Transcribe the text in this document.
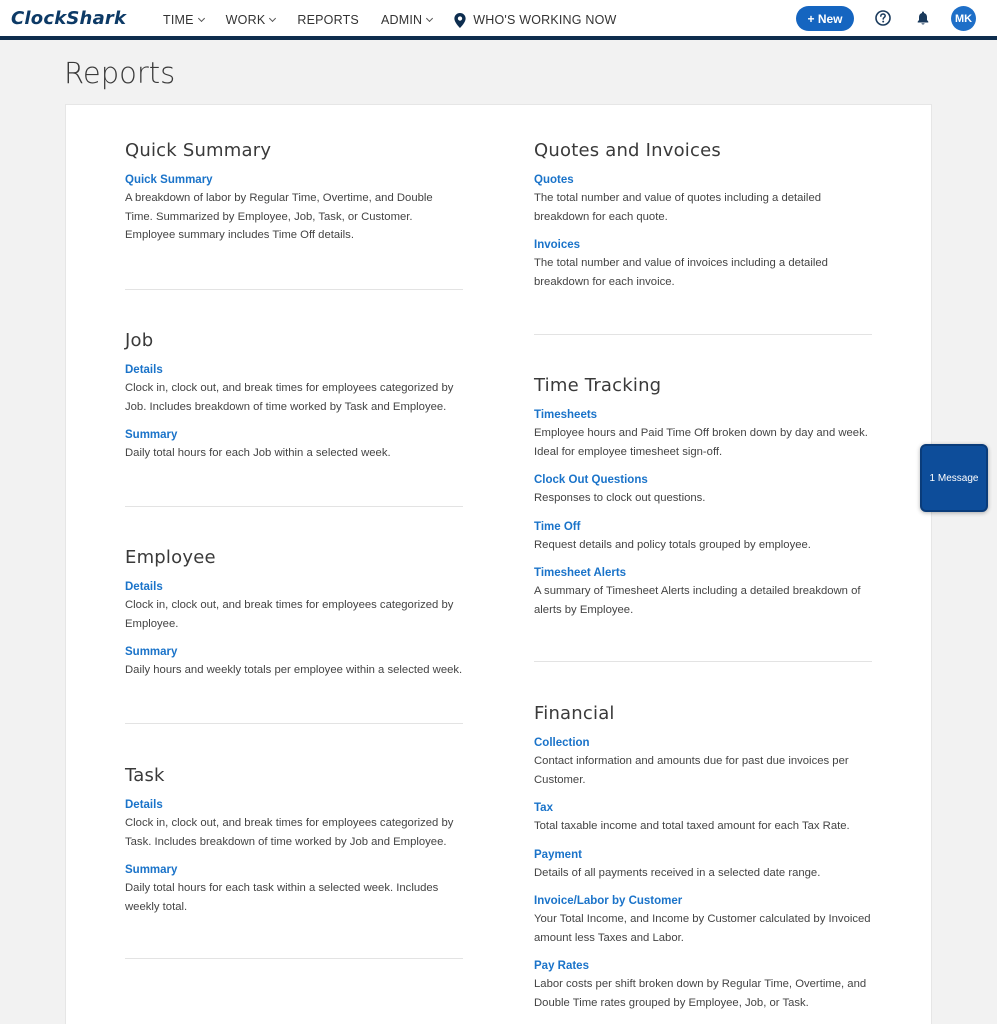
ClockShark	TIME	WORK	REPORTS ADMIN	WHO'S WORKING NOW	+ New	MK
Reports
Quick Summary
Quick Summary

A breakdown of labor by Regular Time, Overtime, and Double Time. Summarized by Employee, Job, Task, or Customer. Employee summary includes Time Off details.

Job
Details

Clock in, clock out, and break times for employees categorized by Job. Includes breakdown of time worked by Task and Employee.

Summary

Daily total hours for each Job within a selected week.

Employee
Details

Clock in, clock out, and break times for employees categorized by Employee.

Summary

Daily hours and weekly totals per employee within a selected week.

Task
Details

Clock in, clock out, and break times for employees categorized by Task. Includes breakdown of time worked by Job and Employee.

Summary

Daily total hours for each task within a selected week. Includes weekly total.

Quotes and Invoices
Quotes

The total number and value of quotes including a detailed breakdown for each quote.

Invoices

The total number and value of invoices including a detailed breakdown for each invoice.

Time Tracking
Timesheets

Employee hours and Paid Time Off broken down by day and week. Ideal for employee timesheet sign-off.

Clock Out Questions

Responses to clock out questions.

Time Off

Request details and policy totals grouped by employee.

Timesheet Alerts

A summary of Timesheet Alerts including a detailed breakdown of alerts by Employee.

Financial
Collection

Contact information and amounts due for past due invoices per Customer.

Tax

Total taxable income and total taxed amount for each Tax Rate.

Payment

Details of all payments received in a selected date range.

Invoice/Labor by Customer

Your Total Income, and Income by Customer calculated by Invoiced amount less Taxes and Labor.

Pay Rates

Labor costs per shift broken down by Regular Time, Overtime, and Double Time rates grouped by Employee, Job, or Task.

1 Message
